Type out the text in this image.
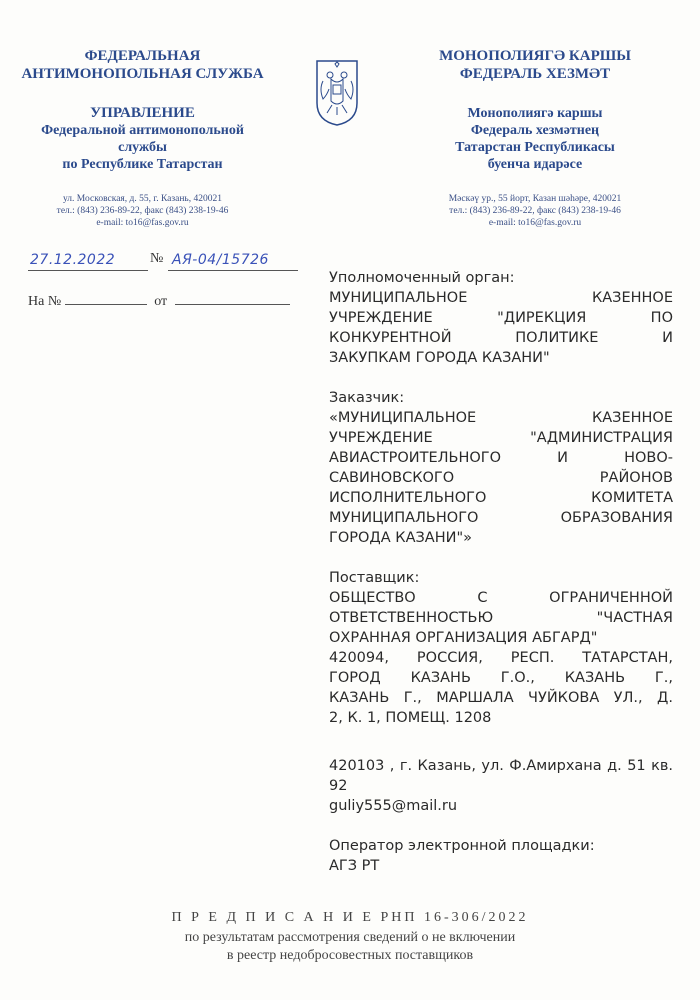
ФЕДЕРАЛЬНАЯ
АНТИМОНОПОЛЬНАЯ СЛУЖБА
УПРАВЛЕНИЕ
Федеральной антимонопольной
службы
по Республике Татарстан
ул. Московская, д. 55, г. Казань, 420021
тел.: (843) 236-89-22, факс (843) 238-19-46
e-mail: to16@fas.gov.ru
МОНОПОЛИЯГӘ КАРШЫ
ФЕДЕРАЛЬ ХЕЗМӘТ
Монополиягә каршы
Федераль хезмәтнең
Татарстан Республикасы
буенча идарәсе
Мәскәү ур., 55 йорт, Казан шәһәре, 420021
тел.: (843) 236-89-22, факс (843) 238-19-46
e-mail: to16@fas.gov.ru
27.12.2022	№ АЯ-04/15726
На №	от
Уполномоченный орган:
МУНИЦИПАЛЬНОЕ КАЗЕННОЕ
УЧРЕЖДЕНИЕ "ДИРЕКЦИЯ ПО
КОНКУРЕНТНОЙ ПОЛИТИКЕ И
ЗАКУПКАМ ГОРОДА КАЗАНИ"
Заказчик:
«МУНИЦИПАЛЬНОЕ КАЗЕННОЕ
УЧРЕЖДЕНИЕ "АДМИНИСТРАЦИЯ
АВИАСТРОИТЕЛЬНОГО И НОВО-
САВИНОВСКОГО РАЙОНОВ
ИСПОЛНИТЕЛЬНОГО КОМИТЕТА
МУНИЦИПАЛЬНОГО ОБРАЗОВАНИЯ
ГОРОДА КАЗАНИ"»
Поставщик:
ОБЩЕСТВО С ОГРАНИЧЕННОЙ
ОТВЕТСТВЕННОСТЬЮ "ЧАСТНАЯ
ОХРАННАЯ ОРГАНИЗАЦИЯ АБГАРД"
420094, РОССИЯ, РЕСП. ТАТАРСТАН,
ГОРОД КАЗАНЬ Г.О., КАЗАНЬ Г.,
КАЗАНЬ Г., МАРШАЛА ЧУЙКОВА УЛ., Д.
2, К. 1, ПОМЕЩ. 1208
420103 , г. Казань, ул. Ф.Амирхана д. 51 кв.
92
guliy555@mail.ru
Оператор электронной площадки:
АГЗ РТ
П Р Е Д П И С А Н И Е РНП 16-306/2022
по результатам рассмотрения сведений о не включении
в реестр недобросовестных поставщиков
